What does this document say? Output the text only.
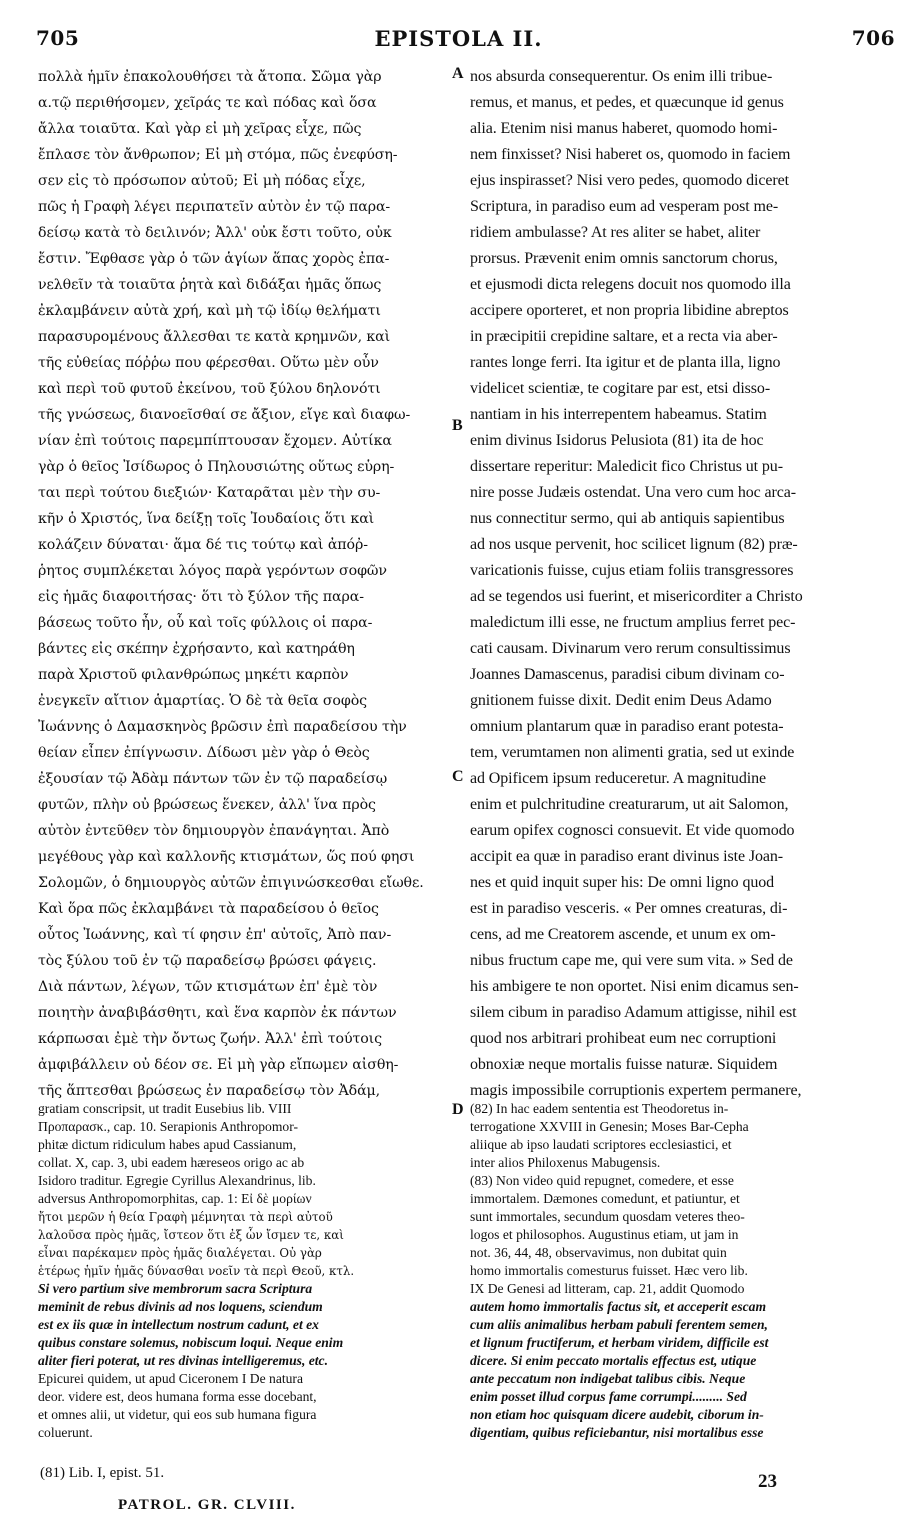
705	EPISTOLA II.	706
πολλὰ ἡμῖν ἐπακολουθήσει τὰ ἄτοπα. Σῶμα γὰρ
α.τῷ περιθήσομεν, χεῖράς τε καὶ πόδας καὶ ὅσα
ἄλλα τοιαῦτα. Καὶ γὰρ εἰ μὴ χεῖρας εἶχε, πῶς
ἔπλασε τὸν ἄνθρωπον; Εἰ μὴ στόμα, πῶς ἐνεφύση-
σεν εἰς τὸ πρόσωπον αὐτοῦ; Εἰ μὴ πόδας εἶχε,
πῶς ἡ Γραφὴ λέγει περιπατεῖν αὐτὸν ἐν τῷ παρα-
δείσῳ κατὰ τὸ δειλινόν; Ἀλλ' οὐκ ἔστι τοῦτο, οὐκ
ἔστιν. Ἔφθασε γὰρ ὁ τῶν ἁγίων ἅπας χορὸς ἐπα-
νελθεῖν τὰ τοιαῦτα ῥητὰ καὶ διδάξαι ἡμᾶς ὅπως
ἐκλαμβάνειν αὐτὰ χρή, καὶ μὴ τῷ ἰδίῳ θελήματι
παρασυρομένους ἄλλεσθαι τε κατὰ κρημνῶν, καὶ
τῆς εὐθείας πόῤῥω που φέρεσθαι. Οὕτω μὲν οὖν
καὶ περὶ τοῦ φυτοῦ ἐκείνου, τοῦ ξύλου δηλονότι
τῆς γνώσεως, διανοεῖσθαί σε ἄξιον, εἴγε καὶ διαφω-
νίαν ἐπὶ τούτοις παρεμπίπτουσαν ἔχομεν. Αὐτίκα
γὰρ ὁ θεῖος Ἰσίδωρος ὁ Πηλουσιώτης οὕτως εὑρη-
ται περὶ τούτου διεξιών· Καταρᾶται μὲν τὴν συ-
κῆν ὁ Χριστός, ἵνα δείξῃ τοῖς Ἰουδαίοις ὅτι καὶ
κολάζειν δύναται· ἅμα δέ τις τούτῳ καὶ ἀπόῤ-
ῥητος συμπλέκεται λόγος παρὰ γερόντων σοφῶν
εἰς ἡμᾶς διαφοιτήσας· ὅτι τὸ ξύλον τῆς παρα-
βάσεως τοῦτο ἦν, οὗ καὶ τοῖς φύλλοις οἱ παρα-
βάντες εἰς σκέπην ἐχρήσαντο, καὶ κατηράθη
παρὰ Χριστοῦ φιλανθρώπως μηκέτι καρπὸν
ἐνεγκεῖν αἴτιον ἁμαρτίας. Ὁ δὲ τὰ θεῖα σοφὸς
Ἰωάννης ὁ Δαμασκηνὸς βρῶσιν ἐπὶ παραδείσου τὴν
θείαν εἶπεν ἐπίγνωσιν. Δίδωσι μὲν γὰρ ὁ Θεὸς
ἐξουσίαν τῷ Ἀδὰμ πάντων τῶν ἐν τῷ παραδείσῳ
φυτῶν, πλὴν οὐ βρώσεως ἕνεκεν, ἀλλ' ἵνα πρὸς
αὐτὸν ἐντεῦθεν τὸν δημιουργὸν ἐπανάγηται. Ἀπὸ
μεγέθους γὰρ καὶ καλλονῆς κτισμάτων, ὥς πού φησι
Σολομῶν, ὁ δημιουργὸς αὐτῶν ἐπιγινώσκεσθαι εἴωθε.
Καὶ ὅρα πῶς ἐκλαμβάνει τὰ παραδείσου ὁ θεῖος
οὗτος Ἰωάννης, καὶ τί φησιν ἐπ' αὐτοῖς, Ἀπὸ παν-
τὸς ξύλου τοῦ ἐν τῷ παραδείσῳ βρώσει φάγεις.
Διὰ πάντων, λέγων, τῶν κτισμάτων ἐπ' ἐμὲ τὸν
ποιητὴν ἀναβιβάσθητι, καὶ ἕνα καρπὸν ἐκ πάντων
κάρπωσαι ἐμὲ τὴν ὄντως ζωήν. Ἀλλ' ἐπὶ τούτοις
ἀμφιβάλλειν οὐ δέον σε. Εἰ μὴ γὰρ εἴπωμεν αἰσθη-
τῆς ἅπτεσθαι βρώσεως ἐν παραδείσῳ τὸν Ἀδάμ,
nos absurda consequerentur. Os enim illi tribue-
remus, et manus, et pedes, et quæcunque id genus
alia. Etenim nisi manus haberet, quomodo homi-
nem finxisset? Nisi haberet os, quomodo in faciem
ejus inspirasset? Nisi vero pedes, quomodo diceret
Scriptura, in paradiso eum ad vesperam post me-
ridiem ambulasse? At res aliter se habet, aliter
prorsus. Prævenit enim omnis sanctorum chorus,
et ejusmodi dicta relegens docuit nos quomodo illa
accipere oporteret, et non propria libidine abreptos
in præcipitii crepidine saltare, et a recta via aber-
rantes longe ferri. Ita igitur et de planta illa, ligno
videlicet scientiæ, te cogitare par est, etsi disso-
nantiam in his interrepentem habeamus. Statim
enim divinus Isidorus Pelusiota (81) ita de hoc
dissertare reperitur: Maledicit fico Christus ut pu-
nire posse Judæis ostendat. Una vero cum hoc arca-
nus connectitur sermo, qui ab antiquis sapientibus
ad nos usque pervenit, hoc scilicet lignum (82) præ-
varicationis fuisse, cujus etiam foliis transgressores
ad se tegendos usi fuerint, et misericorditer a Christo
maledictum illi esse, ne fructum amplius ferret pec-
cati causam. Divinarum vero rerum consultissimus
Joannes Damascenus, paradisi cibum divinam co-
gnitionem fuisse dixit. Dedit enim Deus Adamo
omnium plantarum quæ in paradiso erant potesta-
tem, verumtamen non alimenti gratia, sed ut exinde
ad Opificem ipsum reduceretur. A magnitudine
enim et pulchritudine creaturarum, ut ait Salomon,
earum opifex cognosci consuevit. Et vide quomodo
accipit ea quæ in paradiso erant divinus iste Joan-
nes et quid inquit super his: De omni ligno quod
est in paradiso vesceris. « Per omnes creaturas, di-
cens, ad me Creatorem ascende, et unum ex om-
nibus fructum cape me, qui vere sum vita. » Sed de
his ambigere te non oportet. Nisi enim dicamus sen-
silem cibum in paradiso Adamum attigisse, nihil est
quod nos arbitrari prohibeat eum nec corruptioni
obnoxiæ neque mortalis fuisse naturæ. Siquidem
magis impossibile corruptionis expertem permanere,
A
B
C
D
gratiam conscripsit, ut tradit Eusebius lib. VIII
Προπαρασκ., cap. 10. Serapionis Anthropomor-
phitæ dictum ridiculum habes apud Cassianum,
collat. X, cap. 3, ubi eadem hæreseos origo ac ab
Isidoro traditur. Egregie Cyrillus Alexandrinus, lib.
adversus Anthropomorphitas, cap. 1: Εἰ δὲ μορίων
ἤτοι μερῶν ἡ θεία Γραφὴ μέμνηται τὰ περὶ αὐτοῦ
λαλοῦσα πρὸς ἡμᾶς, ἴστεον ὅτι ἐξ ὧν ἴσμεν τε, καὶ
εἶναι παρέκαμεν πρὸς ἡμᾶς διαλέγεται. Οὐ γὰρ
ἑτέρως ἡμῖν ἡμᾶς δύνασθαι νοεῖν τὰ περὶ Θεοῦ, κτλ.
Si vero partium sive membrorum sacra Scriptura
meminit de rebus divinis ad nos loquens, sciendum
est ex iis quæ in intellectum nostrum cadunt, et ex
quibus constare solemus, nobiscum loqui. Neque enim
aliter fieri poterat, ut res divinas intelligeremus, etc.
Epicurei quidem, ut apud Ciceronem I De natura
deor. videre est, deos humana forma esse docebant,
et omnes alii, ut videtur, qui eos sub humana figura
coluerunt.
(82) In hac eadem sententia est Theodoretus in-
terrogatione XXVIII in Genesin; Moses Bar-Cepha
aliique ab ipso laudati scriptores ecclesiastici, et
inter alios Philoxenus Mabugensis.
(83) Non video quid repugnet, comedere, et esse
immortalem. Dæmones comedunt, et patiuntur, et
sunt immortales, secundum quosdam veteres theo-
logos et philosophos. Augustinus etiam, ut jam in
not. 36, 44, 48, observavimus, non dubitat quin
homo immortalis comesturus fuisset. Hæc vero lib.
IX De Genesi ad litteram, cap. 21, addit Quomodo
autem homo immortalis factus sit, et acceperit escam
cum aliis animalibus herbam pabuli ferentem semen,
et lignum fructiferum, et herbam viridem, difficile est
dicere. Si enim peccato mortalis effectus est, utique
ante peccatum non indigebat talibus cibis. Neque
enim posset illud corpus fame corrumpi......... Sed
non etiam hoc quisquam dicere audebit, ciborum in-
digentiam, quibus reficiebantur, nisi mortalibus esse
(81) Lib. I, epist. 51.
PATROL. GR. CLVIII.
23
